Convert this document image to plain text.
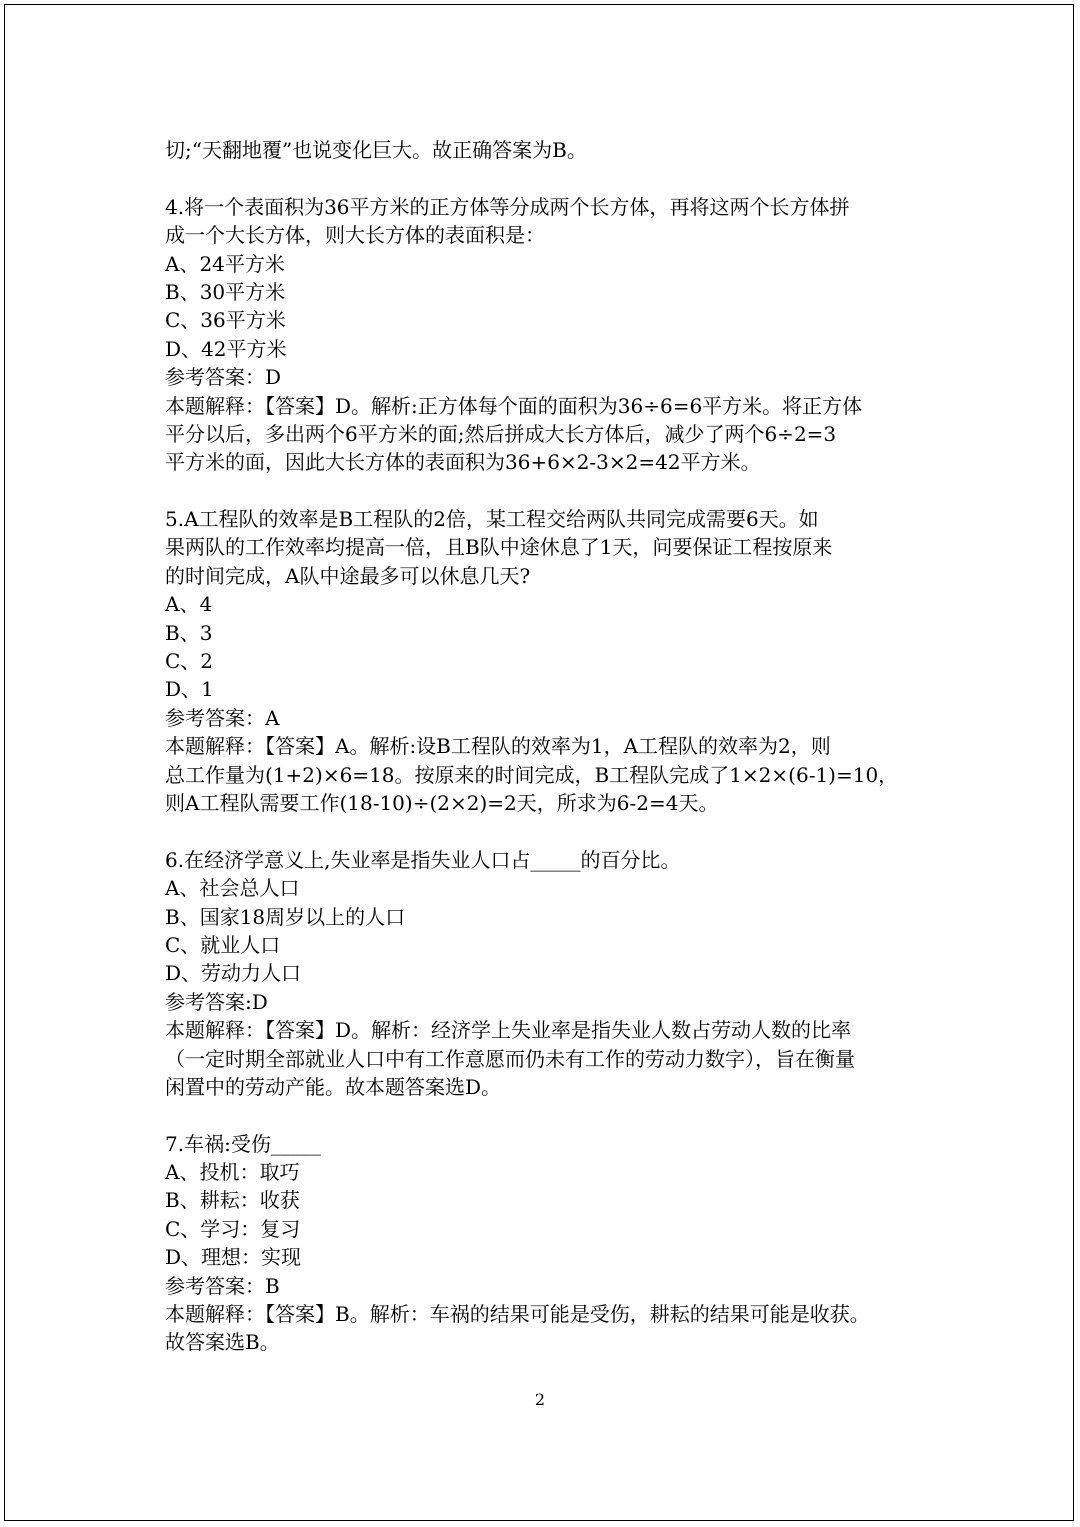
切;“天翻地覆”也说变化巨大。故正确答案为B。
4.将一个表面积为36平方米的正方体等分成两个长方体，再将这两个长方体拼
成一个大长方体，则大长方体的表面积是：
A、24平方米
B、30平方米
C、36平方米
D、42平方米
参考答案：D
本题解释：【答案】D。解析:正方体每个面的面积为36÷6=6平方米。将正方体
平分以后，多出两个6平方米的面;然后拼成大长方体后，减少了两个6÷2=3
平方米的面，因此大长方体的表面积为36+6×2-3×2=42平方米。
5.A工程队的效率是B工程队的2倍，某工程交给两队共同完成需要6天。如
果两队的工作效率均提高一倍，且B队中途休息了1天，问要保证工程按原来
的时间完成，A队中途最多可以休息几天?
A、4
B、3
C、2
D、1
参考答案：A
本题解释：【答案】A。解析:设B工程队的效率为1，A工程队的效率为2，则
总工作量为(1+2)×6=18。按原来的时间完成，B工程队完成了1×2×(6-1)=10，
则A工程队需要工作(18-10)÷(2×2)=2天，所求为6-2=4天。
6.在经济学意义上,失业率是指失业人口占_____的百分比。
A、社会总人口
B、国家18周岁以上的人口
C、就业人口
D、劳动力人口
参考答案:D
本题解释：【答案】D。解析：经济学上失业率是指失业人数占劳动人数的比率
（一定时期全部就业人口中有工作意愿而仍未有工作的劳动力数字），旨在衡量
闲置中的劳动产能。故本题答案选D。
7.车祸:受伤_____
A、投机：取巧
B、耕耘：收获
C、学习：复习
D、理想：实现
参考答案：B
本题解释：【答案】B。解析：车祸的结果可能是受伤，耕耘的结果可能是收获。
故答案选B。
2
